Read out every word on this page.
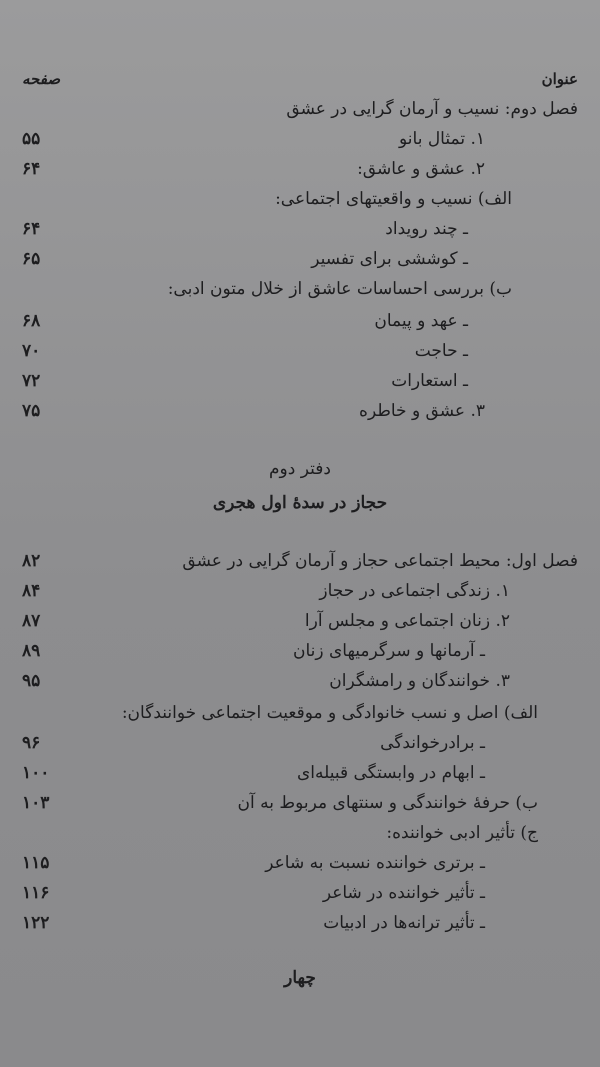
عنوان
صفحه
فصل دوم: نسیب و آرمان گرایی در عشق
۱. تمثال بانو
۵۵
۲. عشق و عاشق:
۶۴
الف) نسیب و واقعیتهای اجتماعی:
ـ چند رویداد
۶۴
ـ کوششی برای تفسیر
۶۵
ب) بررسی احساسات عاشق از خلال متون ادبی:
ـ عهد و پیمان
۶۸
ـ حاجت
۷۰
ـ استعارات
۷۲
۳. عشق و خاطره
۷۵
دفتر دوم
حجاز در سدهٔ اول هجری
فصل اول: محیط اجتماعی حجاز و آرمان گرایی در عشق
۸۲
۱. زندگی اجتماعی در حجاز
۸۴
۲. زنان اجتماعی و مجلس آرا
۸۷
ـ آرمانها و سرگرمیهای زنان
۸۹
۳. خوانندگان و رامشگران
۹۵
الف) اصل و نسب خانوادگی و موقعیت اجتماعی خوانندگان:
ـ برادرخواندگی
۹۶
ـ ابهام در وابستگی قبیله‌ای
۱۰۰
ب) حرفهٔ خوانندگی و سنتهای مربوط به آن
۱۰۳
ج) تأثیر ادبی خواننده:
ـ برتری خواننده نسبت به شاعر
۱۱۵
ـ تأثیر خواننده در شاعر
۱۱۶
ـ تأثیر ترانه‌ها در ادبیات
۱۲۲
چهار
